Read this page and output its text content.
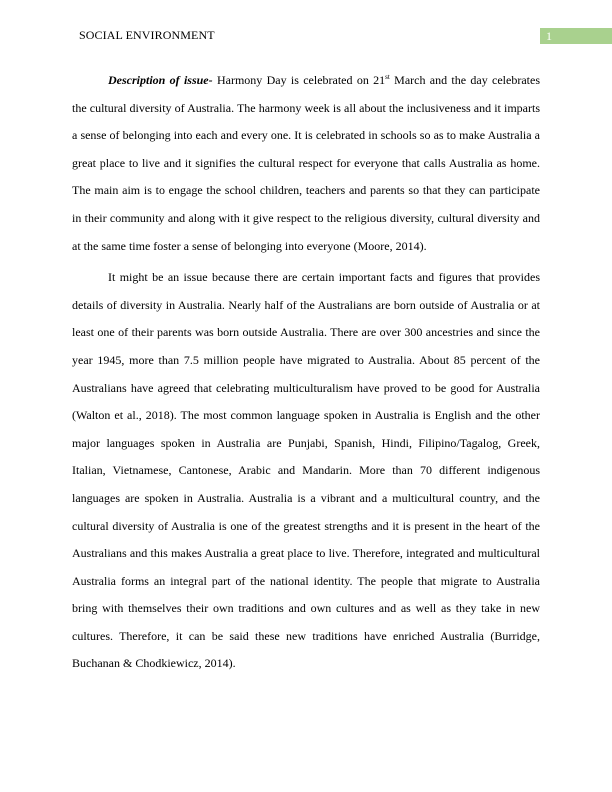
SOCIAL ENVIRONMENT	1

Description of issue- Harmony Day is celebrated on 21st March and the day celebrates the cultural diversity of Australia. The harmony week is all about the inclusiveness and it imparts a sense of belonging into each and every one. It is celebrated in schools so as to make Australia a great place to live and it signifies the cultural respect for everyone that calls Australia as home. The main aim is to engage the school children, teachers and parents so that they can participate in their community and along with it give respect to the religious diversity, cultural diversity and at the same time foster a sense of belonging into everyone (Moore, 2014).

It might be an issue because there are certain important facts and figures that provides details of diversity in Australia. Nearly half of the Australians are born outside of Australia or at least one of their parents was born outside Australia. There are over 300 ancestries and since the year 1945, more than 7.5 million people have migrated to Australia. About 85 percent of the Australians have agreed that celebrating multiculturalism have proved to be good for Australia (Walton et al., 2018). The most common language spoken in Australia is English and the other major languages spoken in Australia are Punjabi, Spanish, Hindi, Filipino/Tagalog, Greek, Italian, Vietnamese, Cantonese, Arabic and Mandarin. More than 70 different indigenous languages are spoken in Australia. Australia is a vibrant and a multicultural country, and the cultural diversity of Australia is one of the greatest strengths and it is present in the heart of the Australians and this makes Australia a great place to live. Therefore, integrated and multicultural Australia forms an integral part of the national identity. The people that migrate to Australia bring with themselves their own traditions and own cultures and as well as they take in new cultures. Therefore, it can be said these new traditions have enriched Australia (Burridge, Buchanan & Chodkiewicz, 2014).
